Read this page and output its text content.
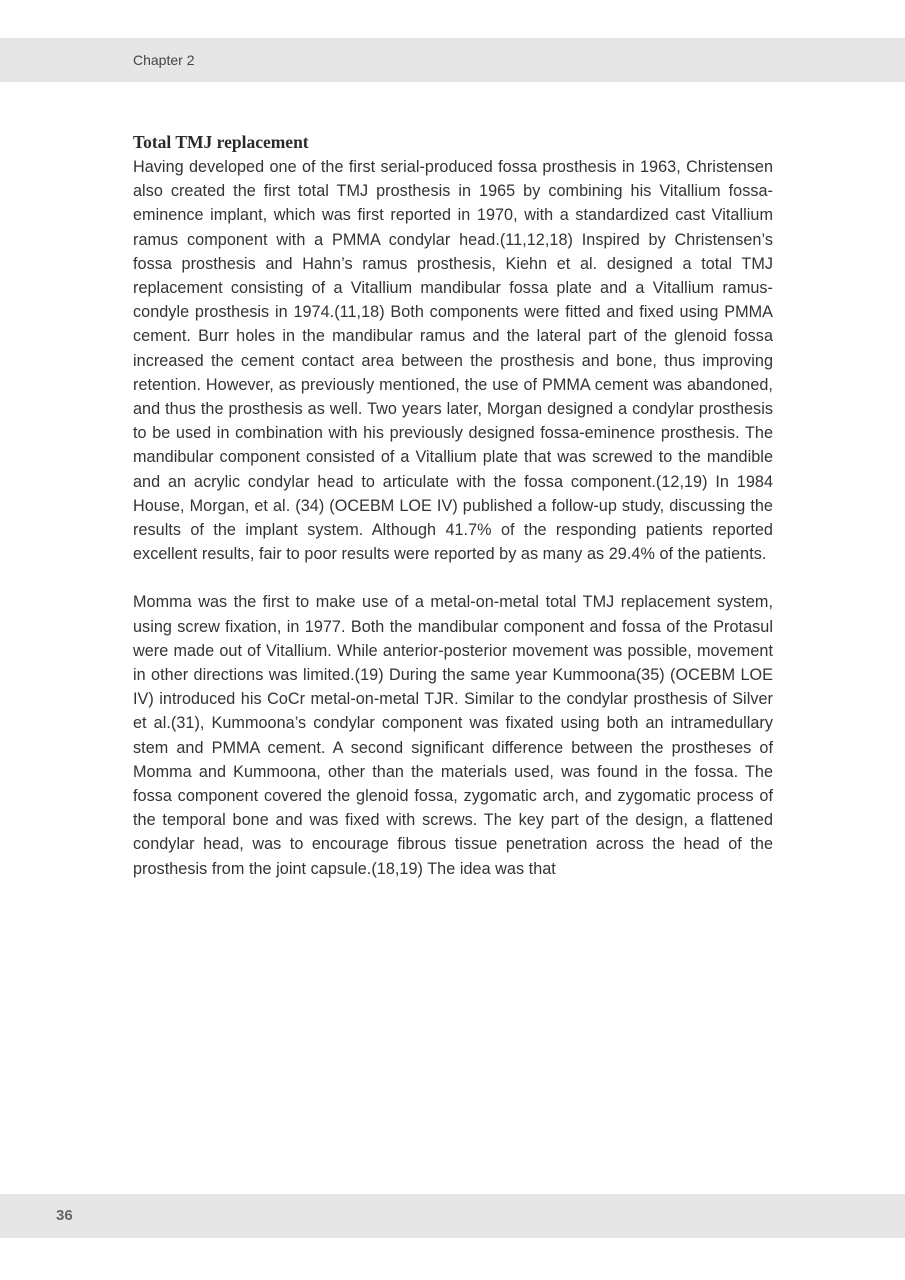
Chapter 2
Total TMJ replacement

Having developed one of the first serial-produced fossa prosthesis in 1963, Christensen also created the first total TMJ prosthesis in 1965 by combining his Vitallium fossa-eminence implant, which was first reported in 1970, with a standardized cast Vitallium ramus component with a PMMA condylar head.(11,12,18) Inspired by Christensen’s fossa prosthesis and Hahn’s ramus prosthesis, Kiehn et al. designed a total TMJ replacement consisting of a Vitallium mandibular fossa plate and a Vitallium ramus-condyle prosthesis in 1974.(11,18) Both components were fitted and fixed using PMMA cement. Burr holes in the mandibular ramus and the lateral part of the glenoid fossa increased the cement contact area between the prosthesis and bone, thus improving retention. However, as previously mentioned, the use of PMMA cement was abandoned, and thus the prosthesis as well. Two years later, Morgan designed a condylar prosthesis to be used in combination with his previously designed fossa-eminence prosthesis. The mandibular component consisted of a Vitallium plate that was screwed to the mandible and an acrylic condylar head to articulate with the fossa component.(12,19) In 1984 House, Morgan, et al. (34) (OCEBM LOE IV) published a follow-up study, discussing the results of the implant system. Although 41.7% of the responding patients reported excellent results, fair to poor results were reported by as many as 29.4% of the patients.

Momma was the first to make use of a metal-on-metal total TMJ replacement system, using screw fixation, in 1977. Both the mandibular component and fossa of the Protasul were made out of Vitallium. While anterior-posterior movement was possible, movement in other directions was limited.(19) During the same year Kummoona(35) (OCEBM LOE IV) introduced his CoCr metal-on-metal TJR. Similar to the condylar prosthesis of Silver et al.(31), Kummoona’s condylar component was fixated using both an intramedullary stem and PMMA cement. A second significant difference between the prostheses of Momma and Kummoona, other than the materials used, was found in the fossa. The fossa component covered the glenoid fossa, zygomatic arch, and zygomatic process of the temporal bone and was fixed with screws. The key part of the design, a flattened condylar head, was to encourage fibrous tissue penetration across the head of the prosthesis from the joint capsule.(18,19) The idea was that

36
